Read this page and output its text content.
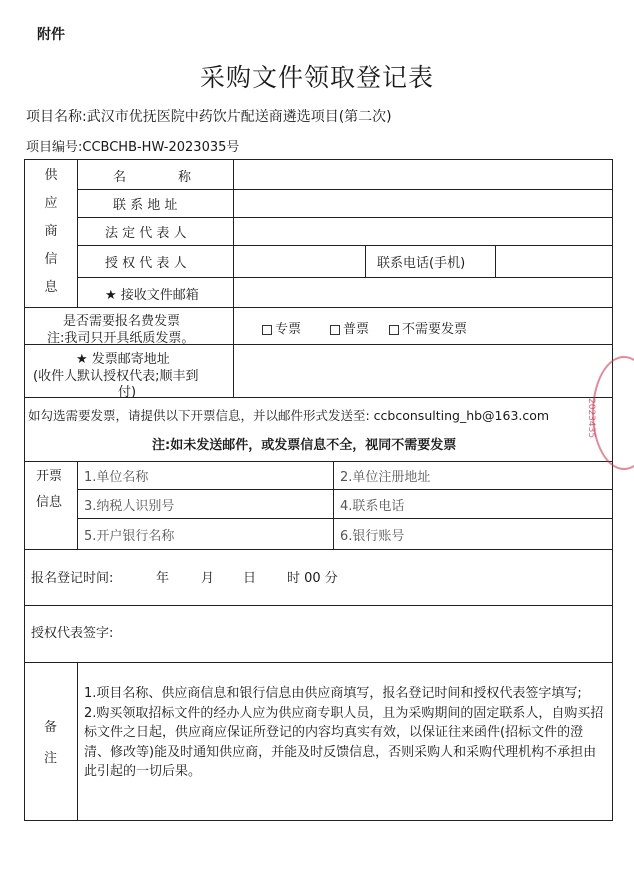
附件
采购文件领取登记表
项目名称:武汉市优抚医院中药饮片配送商遴选项目(第二次)
项目编号:CCBCHB-HW-2023035号
供
应
商
信
息
名　　　　称
联 系 地 址
法 定 代 表 人
授 权 代 表 人	联系电话(手机)
★ 接收文件邮箱
是否需要报名费发票
注:我司只开具纸质发票。
专票	普票	不需要发票
★ 发票邮寄地址
(收件人默认授权代表;顺丰到
付)
如勾选需要发票，请提供以下开票信息，并以邮件形式发送至: ccbconsulting_hb@163.com
注:如未发送邮件，或发票信息不全，视同不需要发票
开票
信息
1.单位名称	2.单位注册地址
3.纳税人识别号	4.联系电话
5.开户银行名称	6.银行账号
报名登记时间:	年 月 日 时 00 分
授权代表签字:
备
注

1.项目名称、供应商信息和银行信息由供应商填写，报名登记时间和授权代表签字填写;

2.购买领取招标文件的经办人应为供应商专职人员，且为采购期间的固定联系人，自购买招标文件之日起，供应商应保证所登记的内容均真实有效，以保证往来函件(招标文件的澄清、修改等)能及时通知供应商，并能及时反馈信息，否则采购人和采购代理机构不承担由此引起的一切后果。

2023435
